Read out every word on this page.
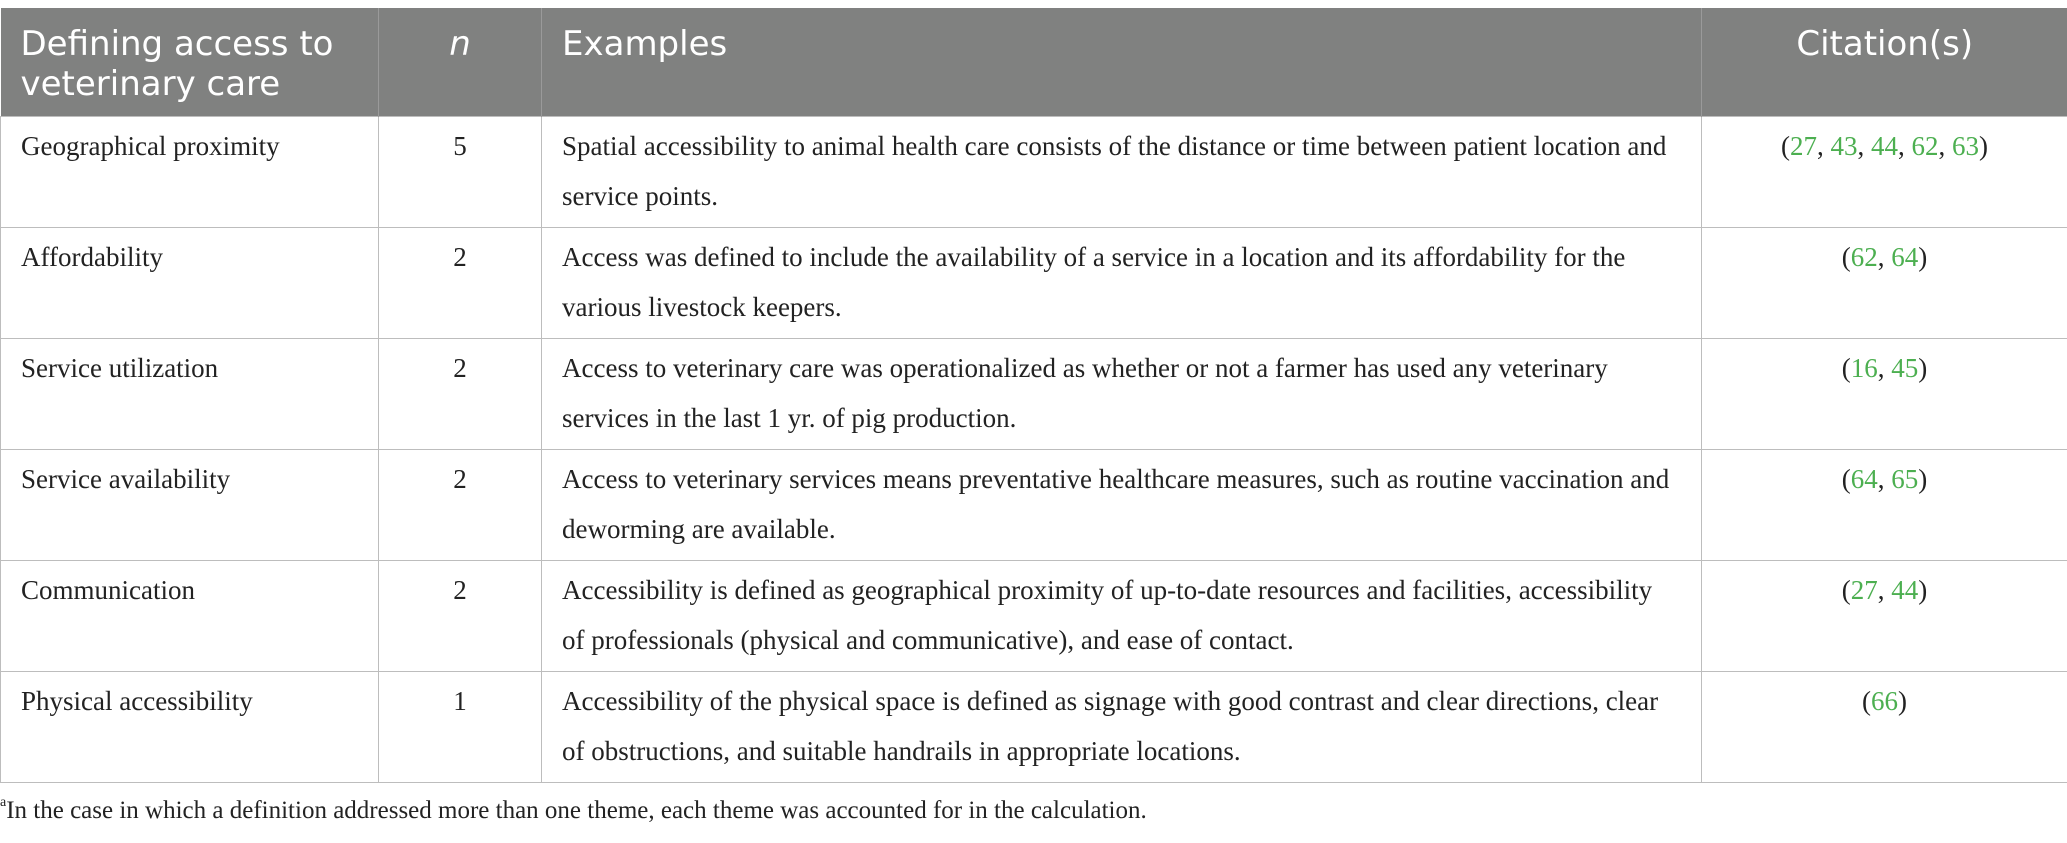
Defining access to veterinary care	n	Examples	Citation(s)
Geographical proximity	5	Spatial accessibility to animal health care consists of the distance or time between patient location and service points.	(27, 43, 44, 62, 63)
Affordability	2	Access was defined to include the availability of a service in a location and its affordability for the various livestock keepers.	(62, 64)
Service utilization	2	Access to veterinary care was operationalized as whether or not a farmer has used any veterinary services in the last 1 yr. of pig production.	(16, 45)
Service availability	2	Access to veterinary services means preventative healthcare measures, such as routine vaccination and deworming are available.	(64, 65)
Communication	2	Accessibility is defined as geographical proximity of up-to-date resources and facilities, accessibility of professionals (physical and communicative), and ease of contact.	(27, 44)
Physical accessibility	1	Accessibility of the physical space is defined as signage with good contrast and clear directions, clear of obstructions, and suitable handrails in appropriate locations.	(66)
$^a$In the case in which a definition addressed more than one theme, each theme was accounted for in the calculation.
